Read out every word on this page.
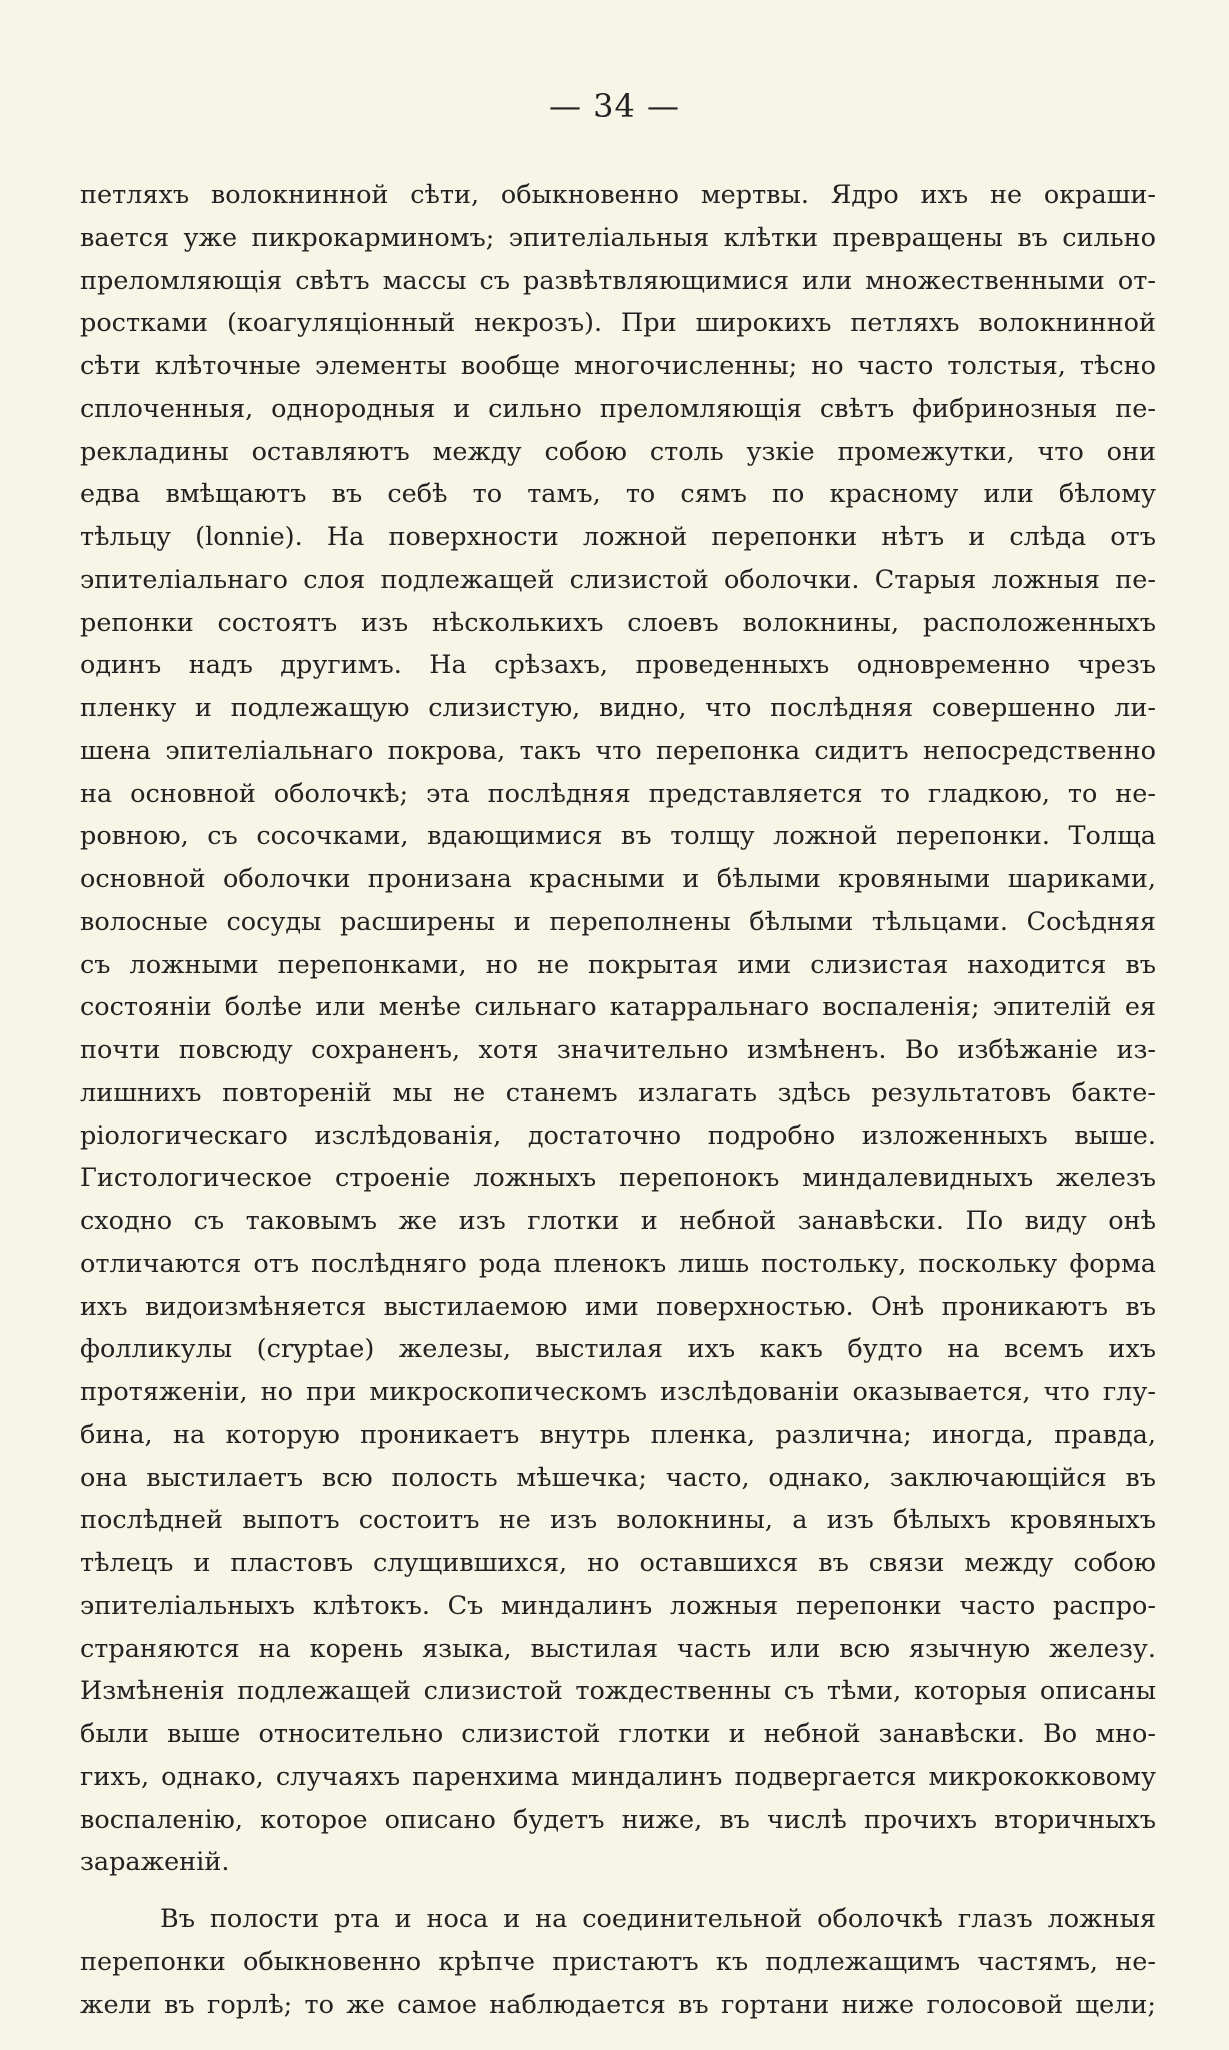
— 34 —
петляхъ волокнинной сѣти, обыкновенно мертвы. Ядро ихъ не окраши-
вается уже пикрокарминомъ; эпителіальныя клѣтки превращены въ сильно
преломляющія свѣтъ массы съ развѣтвляющимися или множественными от-
ростками (коагуляціонный некрозъ). При широкихъ петляхъ волокнинной
сѣти клѣточные элементы вообще многочисленны; но часто толстыя, тѣсно
сплоченныя, однородныя и сильно преломляющія свѣтъ фибринозныя пе-
рекладины оставляютъ между собою столь узкіе промежутки, что они
едва вмѣщаютъ въ себѣ то тамъ, то сямъ по красному или бѣлому
тѣльцу (lonnie). На поверхности ложной перепонки нѣтъ и слѣда отъ
эпителіальнаго слоя подлежащей слизистой оболочки. Старыя ложныя пе-
репонки состоятъ изъ нѣсколькихъ слоевъ волокнины, расположенныхъ
одинъ надъ другимъ. На срѣзахъ, проведенныхъ одновременно чрезъ
пленку и подлежащую слизистую, видно, что послѣдняя совершенно ли-
шена эпителіальнаго покрова, такъ что перепонка сидитъ непосредственно
на основной оболочкѣ; эта послѣдняя представляется то гладкою, то не-
ровною, съ сосочками, вдающимися въ толщу ложной перепонки. Толща
основной оболочки пронизана красными и бѣлыми кровяными шариками,
волосные сосуды расширены и переполнены бѣлыми тѣльцами. Сосѣдняя
съ ложными перепонками, но не покрытая ими слизистая находится въ
состояніи болѣе или менѣе сильнаго катарральнаго воспаленія; эпителій ея
почти повсюду сохраненъ, хотя значительно измѣненъ. Во избѣжаніе из-
лишнихъ повтореній мы не станемъ излагать здѣсь результатовъ бакте-
ріологическаго изслѣдованія, достаточно подробно изложенныхъ выше.
Гистологическое строеніе ложныхъ перепонокъ миндалевидныхъ железъ
сходно съ таковымъ же изъ глотки и небной занавѣски. По виду онѣ
отличаются отъ послѣдняго рода пленокъ лишь постольку, поскольку форма
ихъ видоизмѣняется выстилаемою ими поверхностью. Онѣ проникаютъ въ
фолликулы (cryptae) железы, выстилая ихъ какъ будто на всемъ ихъ
протяженіи, но при микроскопическомъ изслѣдованіи оказывается, что глу-
бина, на которую проникаетъ внутрь пленка, различна; иногда, правда,
она выстилаетъ всю полость мѣшечка; часто, однако, заключающійся въ
послѣдней выпотъ состоитъ не изъ волокнины, а изъ бѣлыхъ кровяныхъ
тѣлецъ и пластовъ слущившихся, но оставшихся въ связи между собою
эпителіальныхъ клѣтокъ. Съ миндалинъ ложныя перепонки часто распро-
страняются на корень языка, выстилая часть или всю язычную железу.
Измѣненія подлежащей слизистой тождественны съ тѣми, которыя описаны
были выше относительно слизистой глотки и небной занавѣски. Во мно-
гихъ, однако, случаяхъ паренхима миндалинъ подвергается микрококковому
воспаленію, которое описано будетъ ниже, въ числѣ прочихъ вторичныхъ
зараженій.
Въ полости рта и носа и на соединительной оболочкѣ глазъ ложныя
перепонки обыкновенно крѣпче пристаютъ къ подлежащимъ частямъ, не-
жели въ горлѣ; то же самое наблюдается въ гортани ниже голосовой щели;
